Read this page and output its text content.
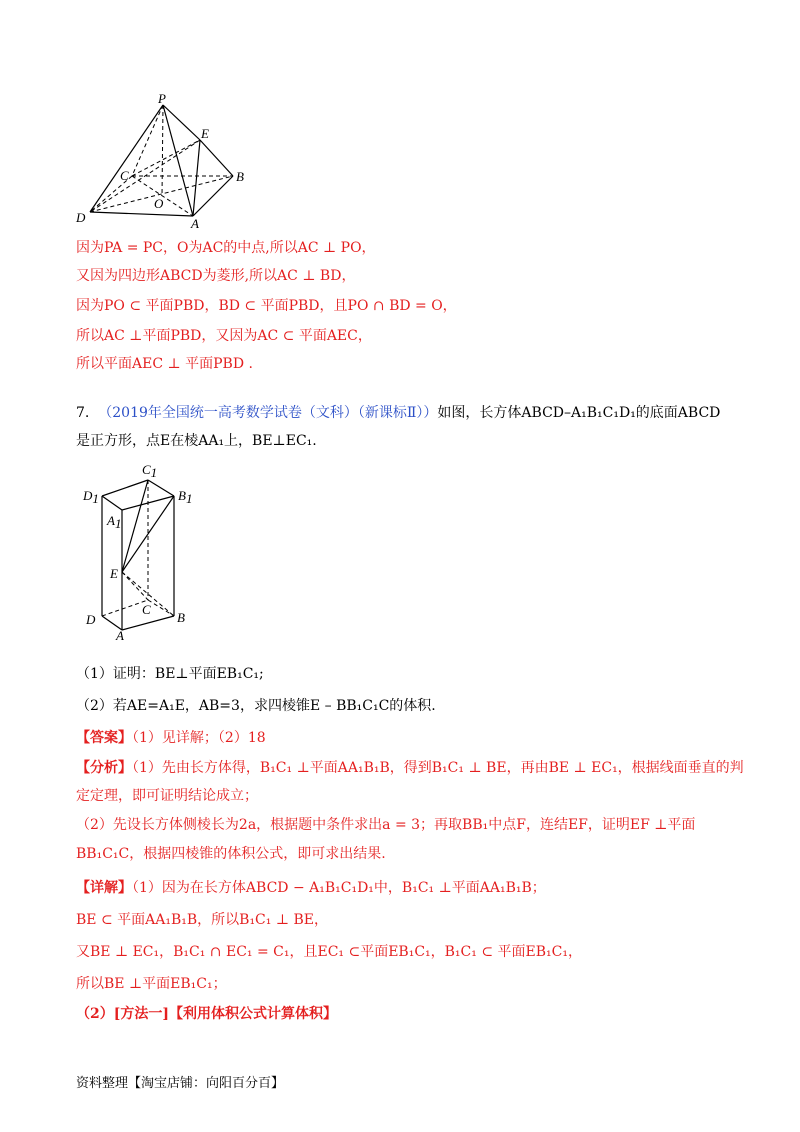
P
E
C	B
D
O
A
因为PA = PC，O为AC的中点,所以AC ⊥ PO，
又因为四边形ABCD为菱形,所以AC ⊥ BD，
因为PO ⊂ 平面PBD，BD ⊂ 平面PBD，且PO ∩ BD = O，
所以AC ⊥平面PBD，又因为AC ⊂ 平面AEC，
所以平面AEC ⊥ 平面PBD .
7. （2019年全国统一高考数学试卷（文科）（新课标Ⅱ））如图，长方体ABCD–A₁B₁C₁D₁的底面ABCD
是正方形，点E在棱AA₁上，BE⊥EC₁.
C1
B1
D1
A1
E
C
D	B
A
（1）证明：BE⊥平面EB₁C₁;
（2）若AE=A₁E，AB=3，求四棱锥E – BB₁C₁C的体积.
【答案】（1）见详解；（2）18
【分析】（1）先由长方体得，B₁C₁ ⊥平面AA₁B₁B，得到B₁C₁ ⊥ BE，再由BE ⊥ EC₁，根据线面垂直的判
定定理，即可证明结论成立；
（2）先设长方体侧棱长为2a，根据题中条件求出a = 3；再取BB₁中点F，连结EF，证明EF ⊥平面
BB₁C₁C，根据四棱锥的体积公式，即可求出结果.
【详解】（1）因为在长方体ABCD − A₁B₁C₁D₁中，B₁C₁ ⊥平面AA₁B₁B；
BE ⊂ 平面AA₁B₁B，所以B₁C₁ ⊥ BE，
又BE ⊥ EC₁，B₁C₁ ∩ EC₁ = C₁，且EC₁ ⊂平面EB₁C₁，B₁C₁ ⊂ 平面EB₁C₁，
所以BE ⊥平面EB₁C₁；
（2）[方法一]【利用体积公式计算体积】
资料整理【淘宝店铺：向阳百分百】
